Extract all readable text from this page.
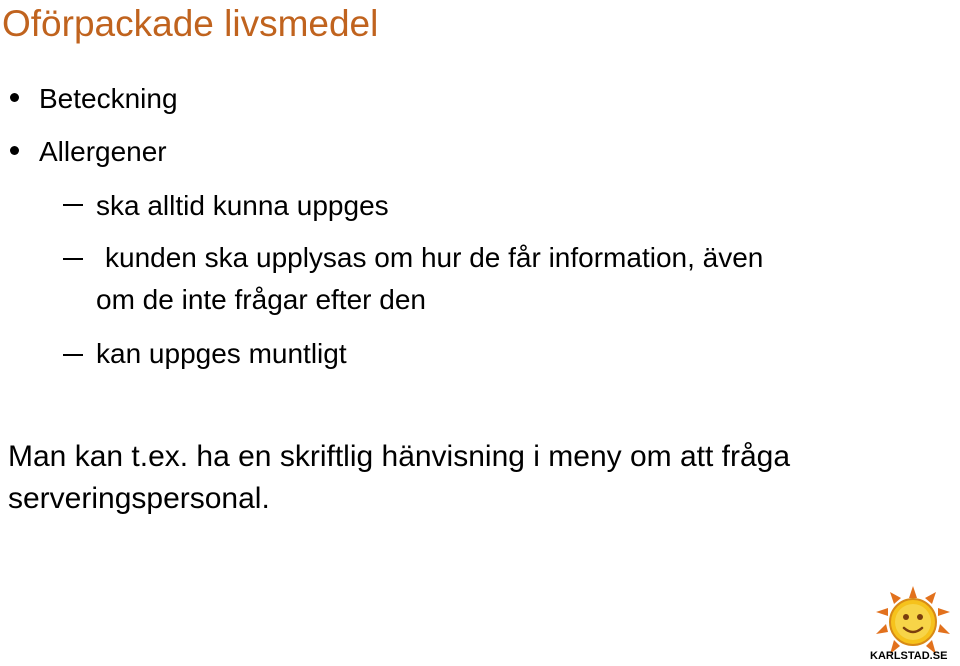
Oförpackade livsmedel
Beteckning
Allergener
ska alltid kunna uppges
kunden ska upplysas om hur de får information, även
om de inte frågar efter den
kan uppges muntligt
Man kan t.ex. ha en skriftlig hänvisning i meny om att fråga
serveringspersonal.
KARLSTAD.SE
